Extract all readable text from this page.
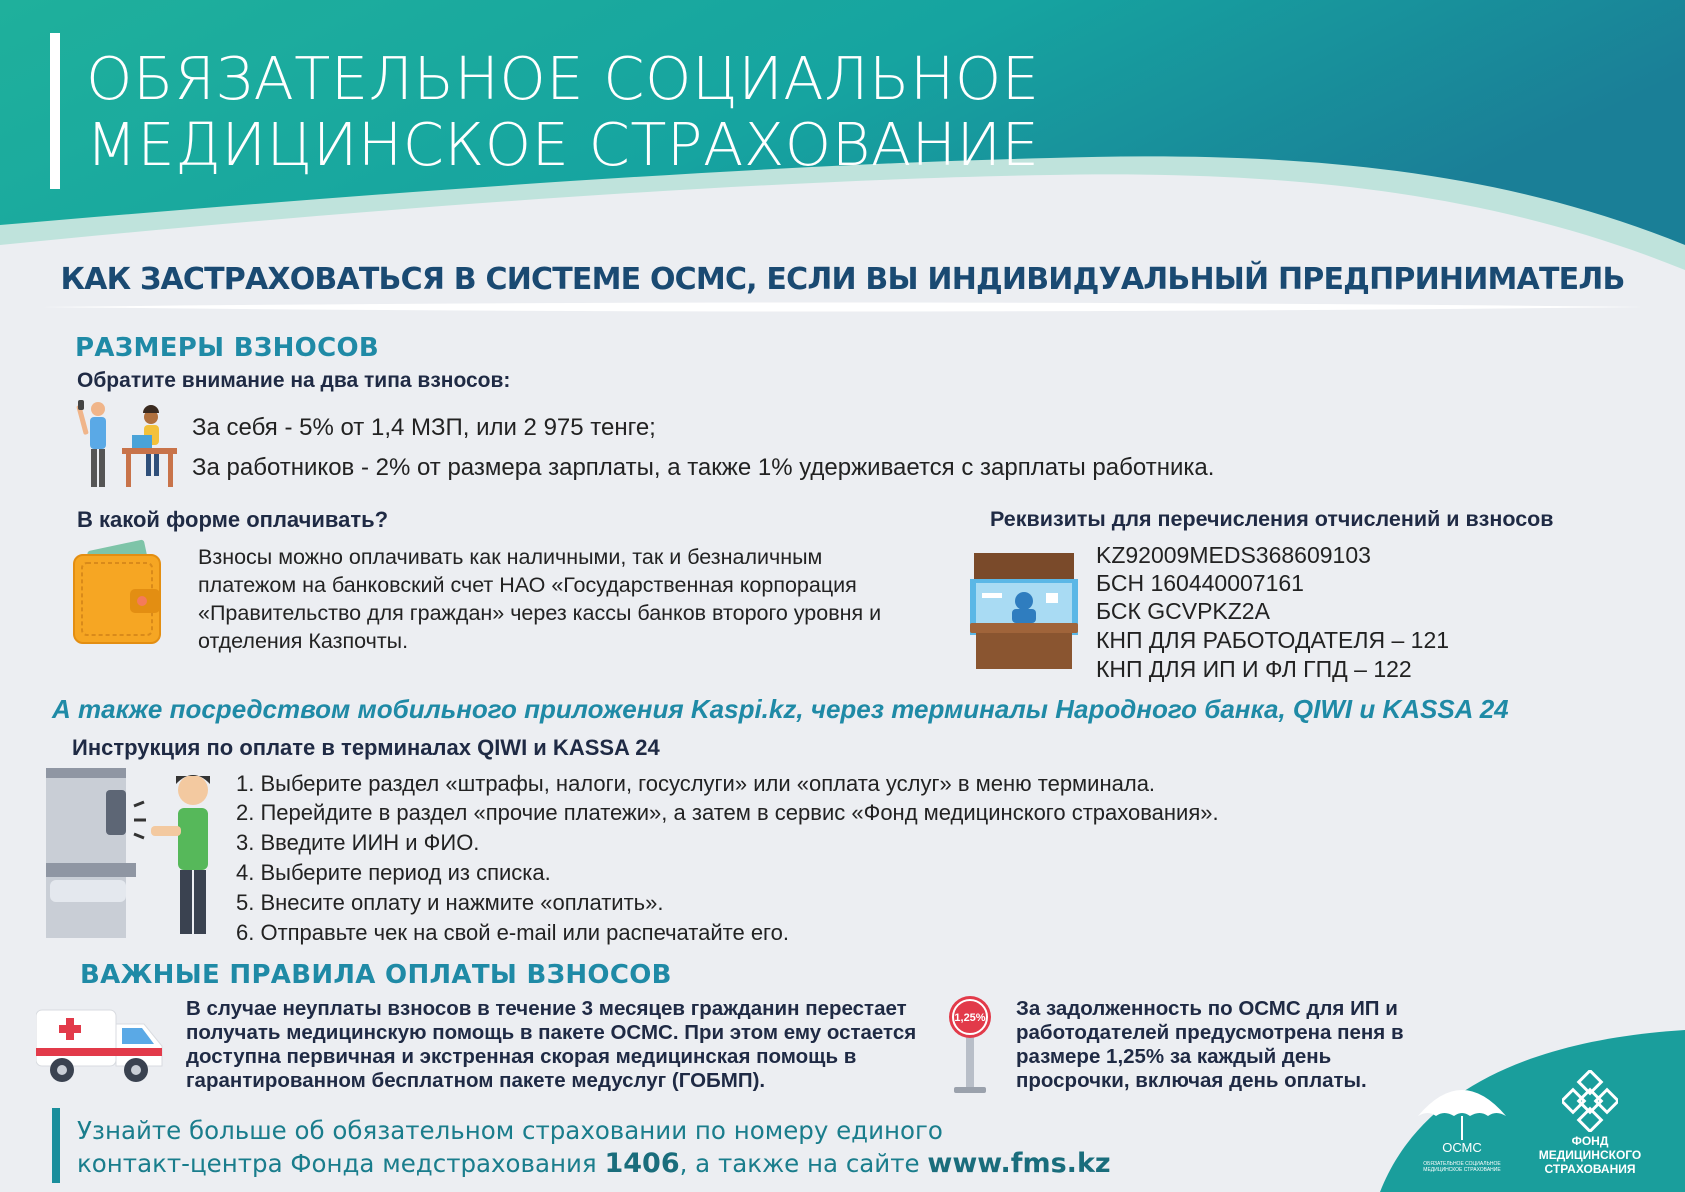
ОБЯЗАТЕЛЬНОЕ СОЦИАЛЬНОЕ
МЕДИЦИНСКОЕ СТРАХОВАНИЕ
КАК ЗАСТРАХОВАТЬСЯ В СИСТЕМЕ ОСМС, ЕСЛИ ВЫ ИНДИВИДУАЛЬНЫЙ ПРЕДПРИНИМАТЕЛЬ
РАЗМЕРЫ ВЗНОСОВ
Обратите внимание на два типа взносов:
За себя - 5% от 1,4 МЗП, или 2 975 тенге;
За работников - 2% от размера зарплаты, а также 1% удерживается с зарплаты работника.
В какой форме оплачивать?
Взносы можно оплачивать как наличными, так и безналичным платежом на банковский счет НАО «Государственная корпорация «Правительство для граждан» через кассы банков второго уровня и отделения Казпочты.
Реквизиты для перечисления отчислений и взносов
KZ92009MEDS368609103
БСН 160440007161
БСК GCVPKZ2A
КНП ДЛЯ РАБОТОДАТЕЛЯ – 121
КНП ДЛЯ ИП И ФЛ ГПД – 122
А также посредством мобильного приложения Kaspi.kz, через терминалы Народного банка, QIWI и KASSA 24
Инструкция по оплате в терминалах QIWI и KASSA 24
1. Выберите раздел «штрафы, налоги, госуслуги» или «оплата услуг» в меню терминала.
2. Перейдите в раздел «прочие платежи», а затем в сервис «Фонд медицинского страхования».
3. Введите ИИН и ФИО.
4. Выберите период из списка.
5. Внесите оплату и нажмите «оплатить».
6. Отправьте чек на свой e-mail или распечатайте его.
ВАЖНЫЕ ПРАВИЛА ОПЛАТЫ ВЗНОСОВ
В случае неуплаты взносов в течение 3 месяцев гражданин перестает получать медицинскую помощь в пакете ОСМС. При этом ему остается доступна первичная и экстренная скорая медицинская помощь в гарантированном бесплатном пакете медуслуг (ГОБМП).
1,25% За задолженность по ОСМС для ИП и работодателей предусмотрена пеня в размере 1,25% за каждый день просрочки, включая день оплаты.
ОСМС
ОБЯЗАТЕЛЬНОЕ СОЦИАЛЬНОЕ МЕДИЦИНСКОЕ СТРАХОВАНИЕ
ФОНД
МЕДИЦИНСКОГО
СТРАХОВАНИЯ
Узнайте больше об обязательном страховании по номеру единого
контакт-центра Фонда медстрахования 1406, а также на сайте www.fms.kz
